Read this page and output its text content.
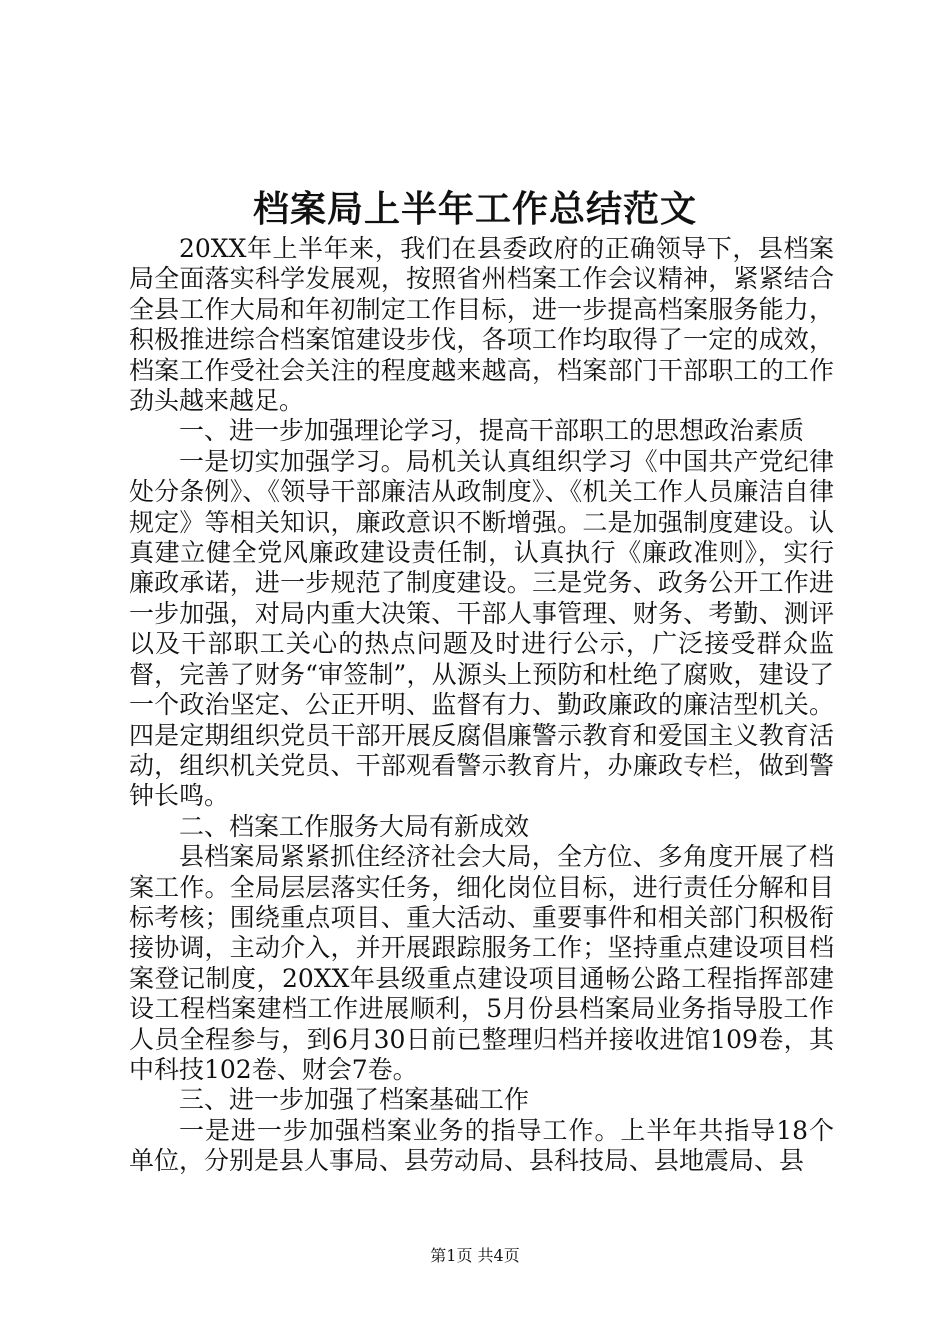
档案局上半年工作总结范文

20XX年上半年来，我们在县委政府的正确领导下，县档案局全面落实科学发展观，按照省州档案工作会议精神，紧紧结合全县工作大局和年初制定工作目标，进一步提高档案服务能力，积极推进综合档案馆建设步伐，各项工作均取得了一定的成效，档案工作受社会关注的程度越来越高，档案部门干部职工的工作劲头越来越足。

一、进一步加强理论学习，提高干部职工的思想政治素质

一是切实加强学习。局机关认真组织学习《中国共产党纪律处分条例》、《领导干部廉洁从政制度》、《机关工作人员廉洁自律规定》等相关知识，廉政意识不断增强。二是加强制度建设。认真建立健全党风廉政建设责任制，认真执行《廉政准则》，实行廉政承诺，进一步规范了制度建设。三是党务、政务公开工作进一步加强，对局内重大决策、干部人事管理、财务、考勤、测评以及干部职工关心的热点问题及时进行公示，广泛接受群众监督，完善了财务“审签制”，从源头上预防和杜绝了腐败，建设了一个政治坚定、公正开明、监督有力、勤政廉政的廉洁型机关。四是定期组织党员干部开展反腐倡廉警示教育和爱国主义教育活动，组织机关党员、干部观看警示教育片，办廉政专栏，做到警钟长鸣。

二、档案工作服务大局有新成效

县档案局紧紧抓住经济社会大局，全方位、多角度开展了档案工作。全局层层落实任务，细化岗位目标，进行责任分解和目标考核；围绕重点项目、重大活动、重要事件和相关部门积极衔接协调，主动介入，并开展跟踪服务工作；坚持重点建设项目档案登记制度，20XX年县级重点建设项目通畅公路工程指挥部建设工程档案建档工作进展顺利，5月份县档案局业务指导股工作人员全程参与，到6月30日前已整理归档并接收进馆109卷，其中科技102卷、财会7卷。

三、进一步加强了档案基础工作

一是进一步加强档案业务的指导工作。上半年共指导18个单位，分别是县人事局、县劳动局、县科技局、县地震局、县

第1页 共4页
